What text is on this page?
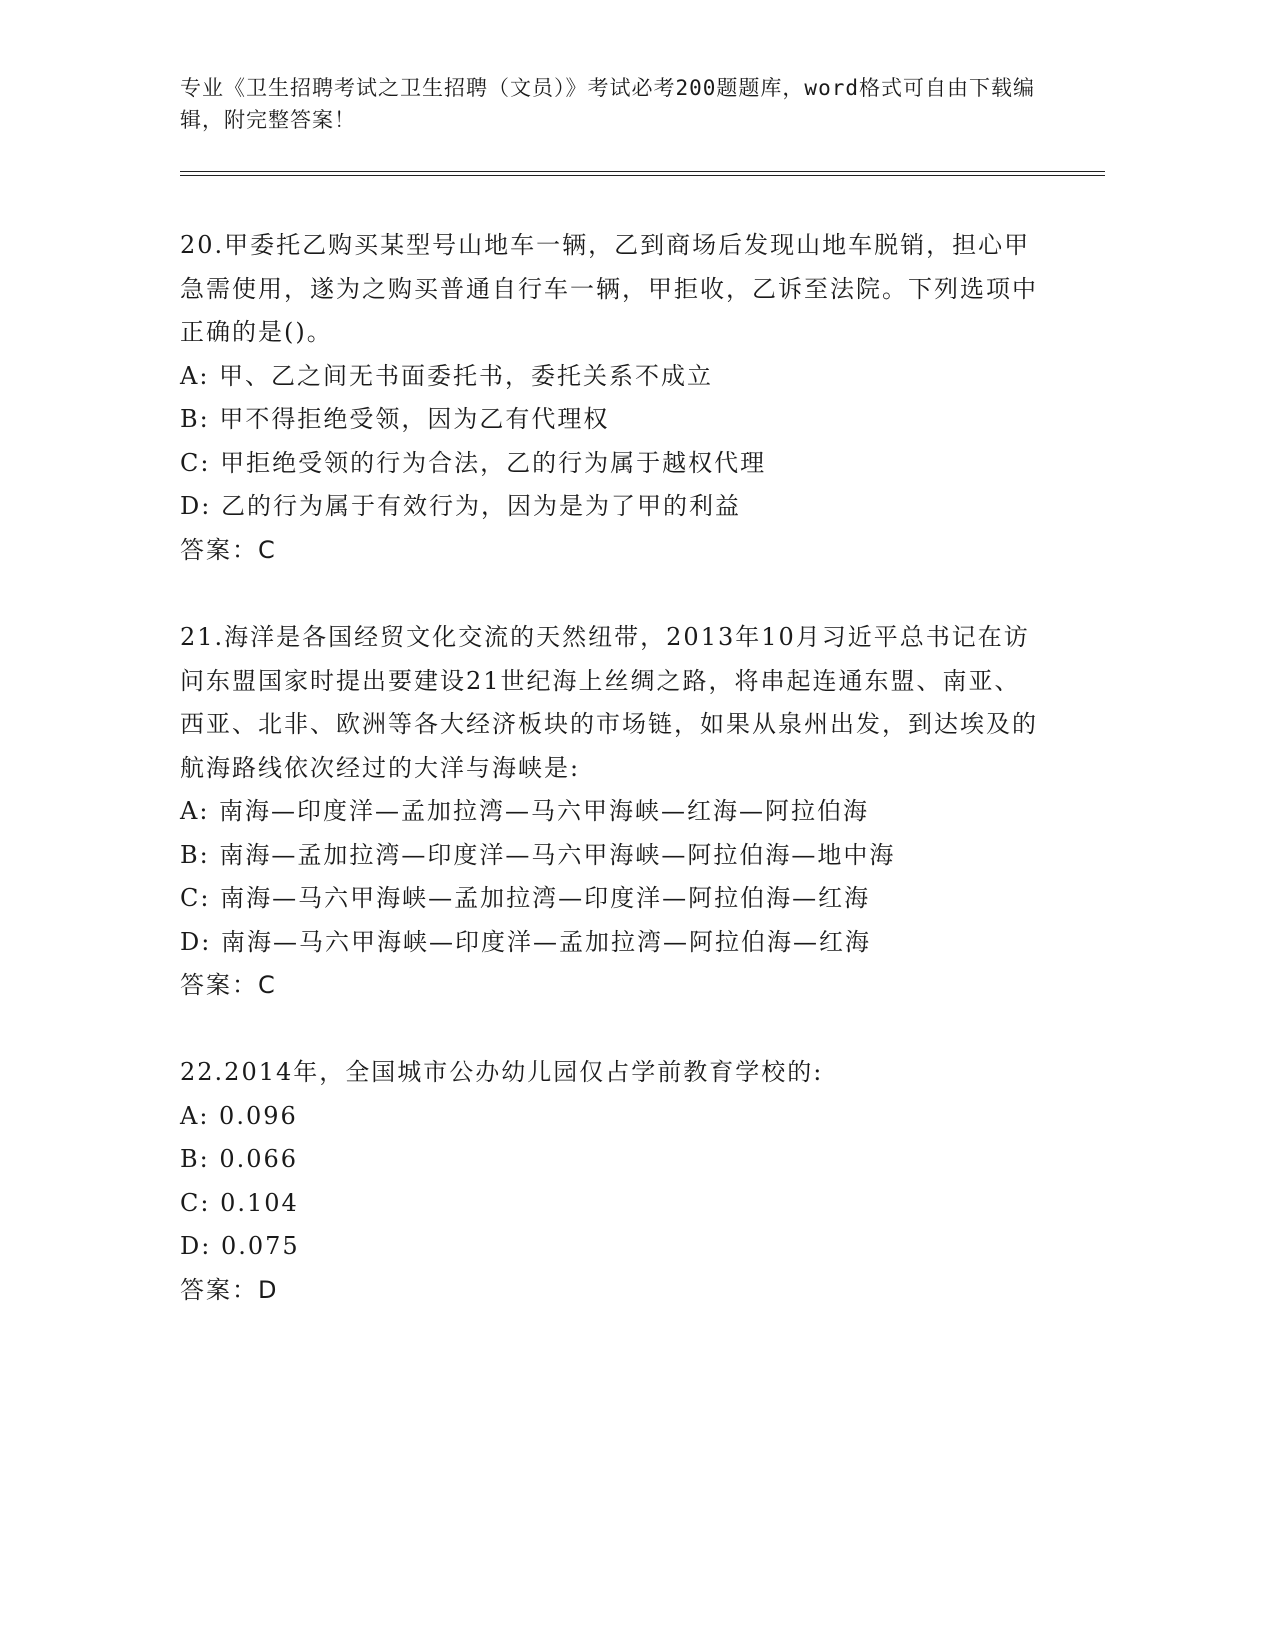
专业《卫生招聘考试之卫生招聘（文员）》考试必考200题题库，word格式可自由下载编辑，附完整答案！

20.甲委托乙购买某型号山地车一辆，乙到商场后发现山地车脱销，担心甲急需使用，遂为之购买普通自行车一辆，甲拒收，乙诉至法院。下列选项中正确的是()。

A: 甲、乙之间无书面委托书，委托关系不成立

B: 甲不得拒绝受领，因为乙有代理权

C: 甲拒绝受领的行为合法，乙的行为属于越权代理

D: 乙的行为属于有效行为，因为是为了甲的利益

答案：C

21.海洋是各国经贸文化交流的天然纽带，2013年10月习近平总书记在访问东盟国家时提出要建设21世纪海上丝绸之路，将串起连通东盟、南亚、西亚、北非、欧洲等各大经济板块的市场链，如果从泉州出发，到达埃及的航海路线依次经过的大洋与海峡是:

A: 南海—印度洋—孟加拉湾—马六甲海峡—红海—阿拉伯海

B: 南海—孟加拉湾—印度洋—马六甲海峡—阿拉伯海—地中海

C: 南海—马六甲海峡—孟加拉湾—印度洋—阿拉伯海—红海

D: 南海—马六甲海峡—印度洋—孟加拉湾—阿拉伯海—红海

答案：C

22.2014年，全国城市公办幼儿园仅占学前教育学校的:

A: 0.096

B: 0.066

C: 0.104

D: 0.075

答案：D
